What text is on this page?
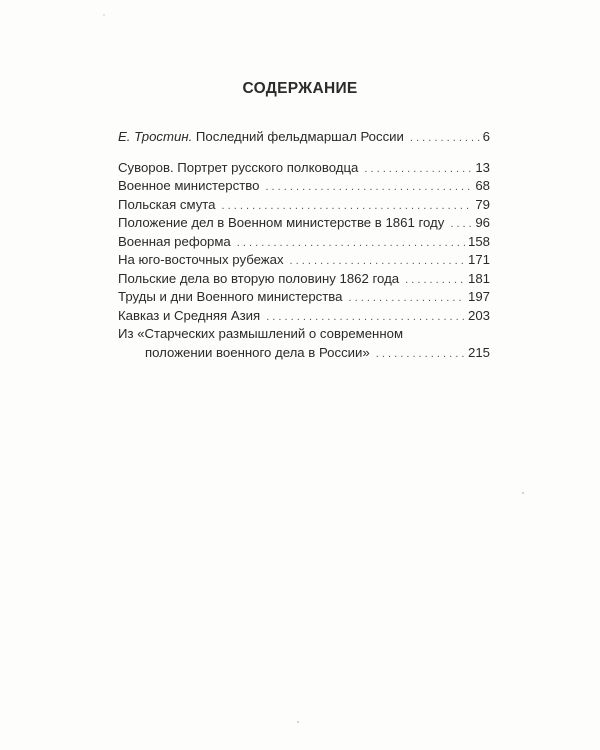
СОДЕРЖАНИЕ
Е. Тростин. Последний фельдмаршал России . . .	6
Суворов. Портрет русского полководца . . .	13
Военное министерство . . .	68
Польская смута . . .	79
Положение дел в Военном министерстве в 1861 году . . . 96
Военная реформа . . .	158
На юго-восточных рубежах . . .	171
Польские дела во вторую половину 1862 года . . .	181
Труды и дни Военного министерства . . .	197
Кавказ и Средняя Азия . . .	203
Из «Старческих размышлений о современном
положении военного дела в России» . . .	215
